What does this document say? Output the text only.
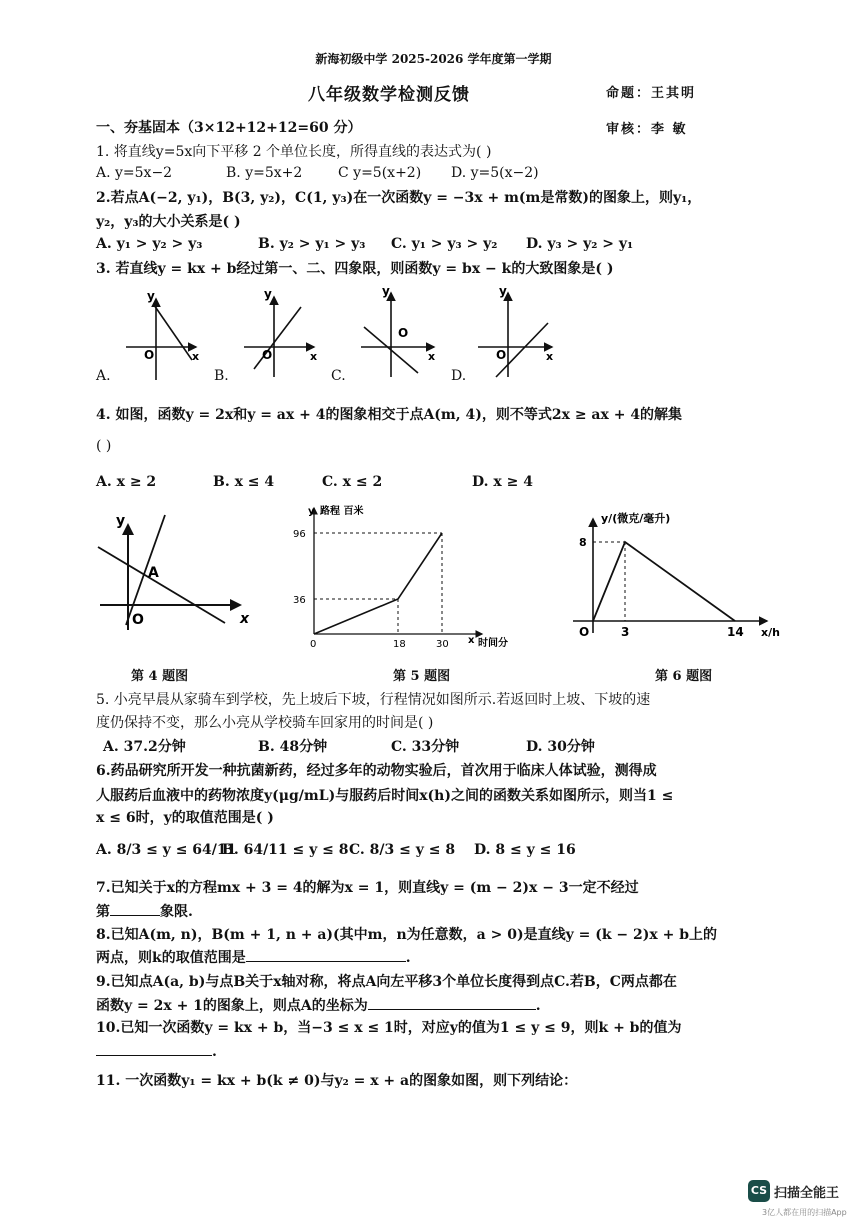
新海初级中学 2025-2026 学年度第一学期
八年级数学检测反馈	命题：王其明
一、夯基固本（3×12+12+12=60 分）	审核：李 敏
1. 将直线y=5x向下平移 2 个单位长度，所得直线的表达式为( )
A. y=5x−2	B. y=5x+2	C y=5(x+2) D. y=5(x−2)
2.若点A(−2, y₁)，B(3, y₂)，C(1, y₃)在一次函数y = −3x + m(m是常数)的图象上，则y₁，
y₂，y₃的大小关系是( )
A. y₁ > y₂ > y₃	B. y₂ > y₁ > y₃ C. y₁ > y₃ > y₂ D. y₃ > y₂ > y₁
3. 若直线y = kx + b经过第一、二、四象限，则函数y = bx − k的大致图象是( )
y
O	x
y
O	x
y
O
x
y
O	x
A.	B.	C.	D.
4. 如图，函数y = 2x和y = ax + 4的图象相交于点A(m, 4)，则不等式2x ≥ ax + 4的解集
( )
A. x ≥ 2	B. x ≤ 4	C. x ≤ 2	D. x ≥ 4
y
O	x
A
y 路程 百米
96
36
0	18	30 x 时间分
y/(微克/毫升)
8
O	3	14 x/h
第 4 题图	第 5 题图	第 6 题图
5. 小亮早晨从家骑车到学校，先上坡后下坡，行程情况如图所示.若返回时上坡、下坡的速
度仍保持不变，那么小亮从学校骑车回家用的时间是( )
A. 37.2分钟	B. 48分钟	C. 33分钟	D. 30分钟
6.药品研究所开发一种抗菌新药，经过多年的动物实验后，首次用于临床人体试验，测得成
人服药后血液中的药物浓度y(μg/mL)与服药后时间x(h)之间的函数关系如图所示，则当1 ≤
x ≤ 6时，y的取值范围是( )
A. 8/3 ≤ y ≤ 64/11
B. 64/11 ≤ y ≤ 8 C. 8/3 ≤ y ≤ 8 D. 8 ≤ y ≤ 16
7.已知关于x的方程mx + 3 = 4的解为x = 1，则直线y = (m − 2)x − 3一定不经过
第	象限.
8.已知A(m, n)，B(m + 1, n + a)(其中m，n为任意数，a > 0)是直线y = (k − 2)x + b上的
两点，则k的取值范围是	.
9.已知点A(a, b)与点B关于x轴对称，将点A向左平移3个单位长度得到点C.若B，C两点都在
函数y = 2x + 1的图象上，则点A的坐标为	.
10.已知一次函数y = kx + b，当−3 ≤ x ≤ 1时，对应y的值为1 ≤ y ≤ 9，则k + b的值为
.
11. 一次函数y₁ = kx + b(k ≠ 0)与y₂ = x + a的图象如图，则下列结论：
CS 扫描全能王
3亿人都在用的扫描App
